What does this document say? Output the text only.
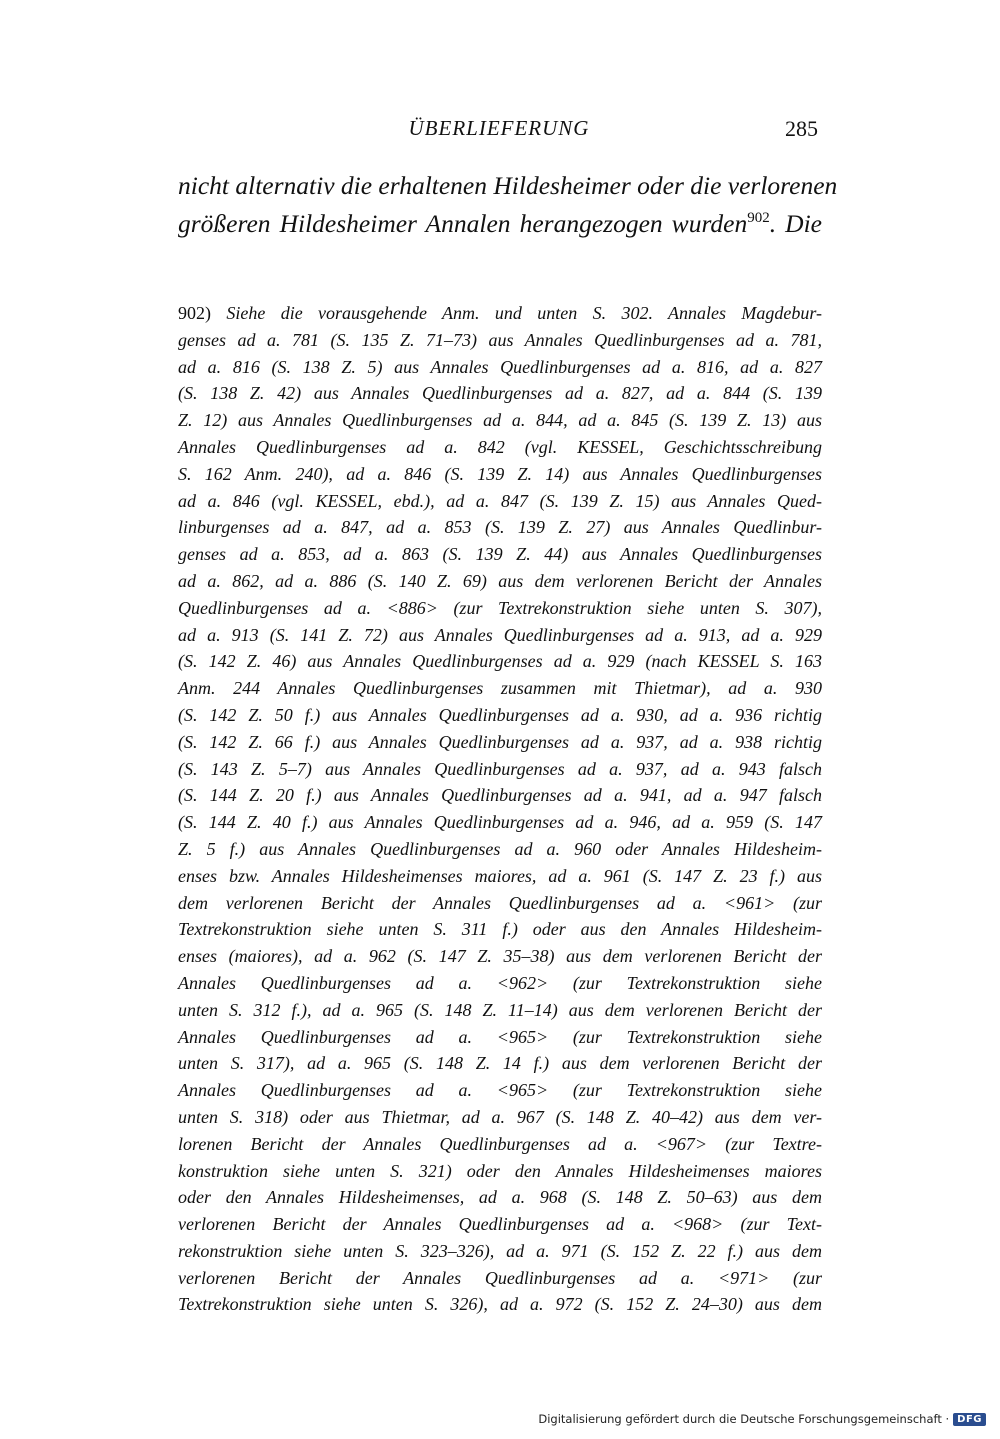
ÜBERLIEFERUNG	285
nicht alternativ die erhaltenen Hildesheimer oder die verlorenen
größeren Hildesheimer Annalen herangezogen wurden$^{902}$. Die
902) Siehe die vorausgehende Anm. und unten S. 302. Annales Magdebur-
genses ad a. 781 (S. 135 Z. 71–73) aus Annales Quedlinburgenses ad a. 781,
ad a. 816 (S. 138 Z. 5) aus Annales Quedlinburgenses ad a. 816, ad a. 827
(S. 138 Z. 42) aus Annales Quedlinburgenses ad a. 827, ad a. 844 (S. 139
Z. 12) aus Annales Quedlinburgenses ad a. 844, ad a. 845 (S. 139 Z. 13) aus
Annales Quedlinburgenses ad a. 842 (vgl. KESSEL, Geschichtsschreibung
S. 162 Anm. 240), ad a. 846 (S. 139 Z. 14) aus Annales Quedlinburgenses
ad a. 846 (vgl. KESSEL, ebd.), ad a. 847 (S. 139 Z. 15) aus Annales Qued-
linburgenses ad a. 847, ad a. 853 (S. 139 Z. 27) aus Annales Quedlinbur-
genses ad a. 853, ad a. 863 (S. 139 Z. 44) aus Annales Quedlinburgenses
ad a. 862, ad a. 886 (S. 140 Z. 69) aus dem verlorenen Bericht der Annales
Quedlinburgenses ad a. <886> (zur Textrekonstruktion siehe unten S. 307),
ad a. 913 (S. 141 Z. 72) aus Annales Quedlinburgenses ad a. 913, ad a. 929
(S. 142 Z. 46) aus Annales Quedlinburgenses ad a. 929 (nach KESSEL S. 163
Anm. 244 Annales Quedlinburgenses zusammen mit Thietmar), ad a. 930
(S. 142 Z. 50 f.) aus Annales Quedlinburgenses ad a. 930, ad a. 936 richtig
(S. 142 Z. 66 f.) aus Annales Quedlinburgenses ad a. 937, ad a. 938 richtig
(S. 143 Z. 5–7) aus Annales Quedlinburgenses ad a. 937, ad a. 943 falsch
(S. 144 Z. 20 f.) aus Annales Quedlinburgenses ad a. 941, ad a. 947 falsch
(S. 144 Z. 40 f.) aus Annales Quedlinburgenses ad a. 946, ad a. 959 (S. 147
Z. 5 f.) aus Annales Quedlinburgenses ad a. 960 oder Annales Hildesheim-
enses bzw. Annales Hildesheimenses maiores, ad a. 961 (S. 147 Z. 23 f.) aus
dem verlorenen Bericht der Annales Quedlinburgenses ad a. <961> (zur
Textrekonstruktion siehe unten S. 311 f.) oder aus den Annales Hildesheim-
enses (maiores), ad a. 962 (S. 147 Z. 35–38) aus dem verlorenen Bericht der
Annales Quedlinburgenses ad a. <962> (zur Textrekonstruktion siehe
unten S. 312 f.), ad a. 965 (S. 148 Z. 11–14) aus dem verlorenen Bericht der
Annales Quedlinburgenses ad a. <965> (zur Textrekonstruktion siehe
unten S. 317), ad a. 965 (S. 148 Z. 14 f.) aus dem verlorenen Bericht der
Annales Quedlinburgenses ad a. <965> (zur Textrekonstruktion siehe
unten S. 318) oder aus Thietmar, ad a. 967 (S. 148 Z. 40–42) aus dem ver-
lorenen Bericht der Annales Quedlinburgenses ad a. <967> (zur Textre-
konstruktion siehe unten S. 321) oder den Annales Hildesheimenses maiores
oder den Annales Hildesheimenses, ad a. 968 (S. 148 Z. 50–63) aus dem
verlorenen Bericht der Annales Quedlinburgenses ad a. <968> (zur Text-
rekonstruktion siehe unten S. 323–326), ad a. 971 (S. 152 Z. 22 f.) aus dem
verlorenen Bericht der Annales Quedlinburgenses ad a. <971> (zur
Textrekonstruktion siehe unten S. 326), ad a. 972 (S. 152 Z. 24–30) aus dem
Digitalisierung gefördert durch die Deutsche Forschungsgemeinschaft · DFG
